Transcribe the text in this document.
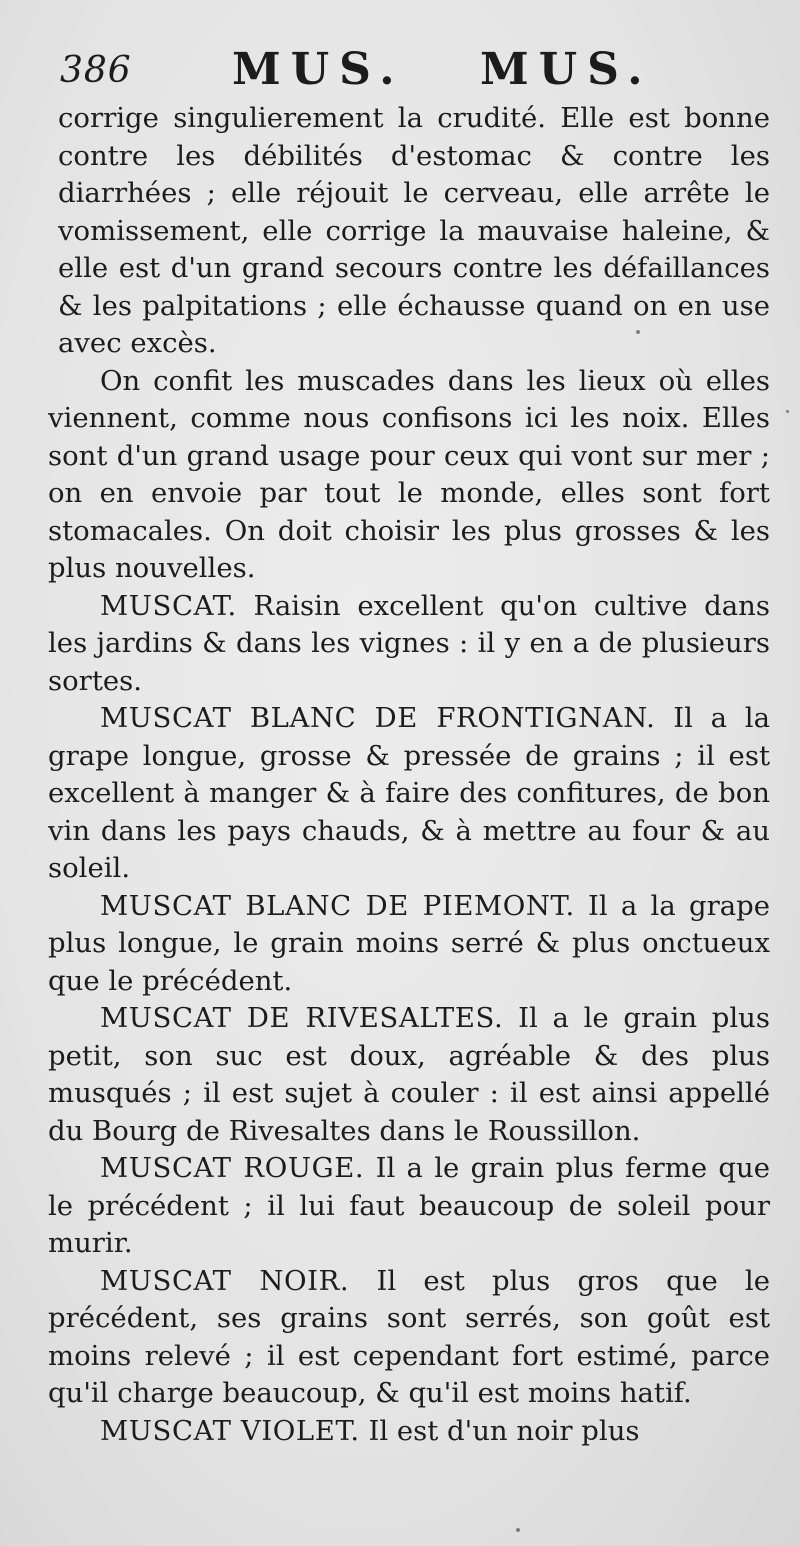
386 MUS. MUS.

corrige singulierement la crudité. Elle est bonne contre les débilités d'estomac & contre les diarrhées ; elle réjouit le cerveau, elle arrête le vomissement, elle corrige la mauvaise haleine, & elle est d'un grand secours contre les défaillances & les palpitations ; elle échausse quand on en use avec excès.

On confit les muscades dans les lieux où elles viennent, comme nous confisons ici les noix. Elles sont d'un grand usage pour ceux qui vont sur mer ; on en envoie par tout le monde, elles sont fort stomacales. On doit choisir les plus grosses & les plus nouvelles.

MUSCAT. Raisin excellent qu'on cultive dans les jardins & dans les vignes : il y en a de plusieurs sortes.

MUSCAT BLANC DE FRONTIGNAN. Il a la grape longue, grosse & pressée de grains ; il est excellent à manger & à faire des confitures, de bon vin dans les pays chauds, & à mettre au four & au soleil.

MUSCAT BLANC DE PIEMONT. Il a la grape plus longue, le grain moins serré & plus onctueux que le précédent.

MUSCAT DE RIVESALTES. Il a le grain plus petit, son suc est doux, agréable & des plus musqués ; il est sujet à couler : il est ainsi appellé du Bourg de Rivesaltes dans le Roussillon.

MUSCAT ROUGE. Il a le grain plus ferme que le précédent ; il lui faut beaucoup de soleil pour murir.

MUSCAT NOIR. Il est plus gros que le précédent, ses grains sont serrés, son goût est moins relevé ; il est cependant fort estimé, parce qu'il charge beaucoup, & qu'il est moins hatif.

MUSCAT VIOLET. Il est d'un noir plus
